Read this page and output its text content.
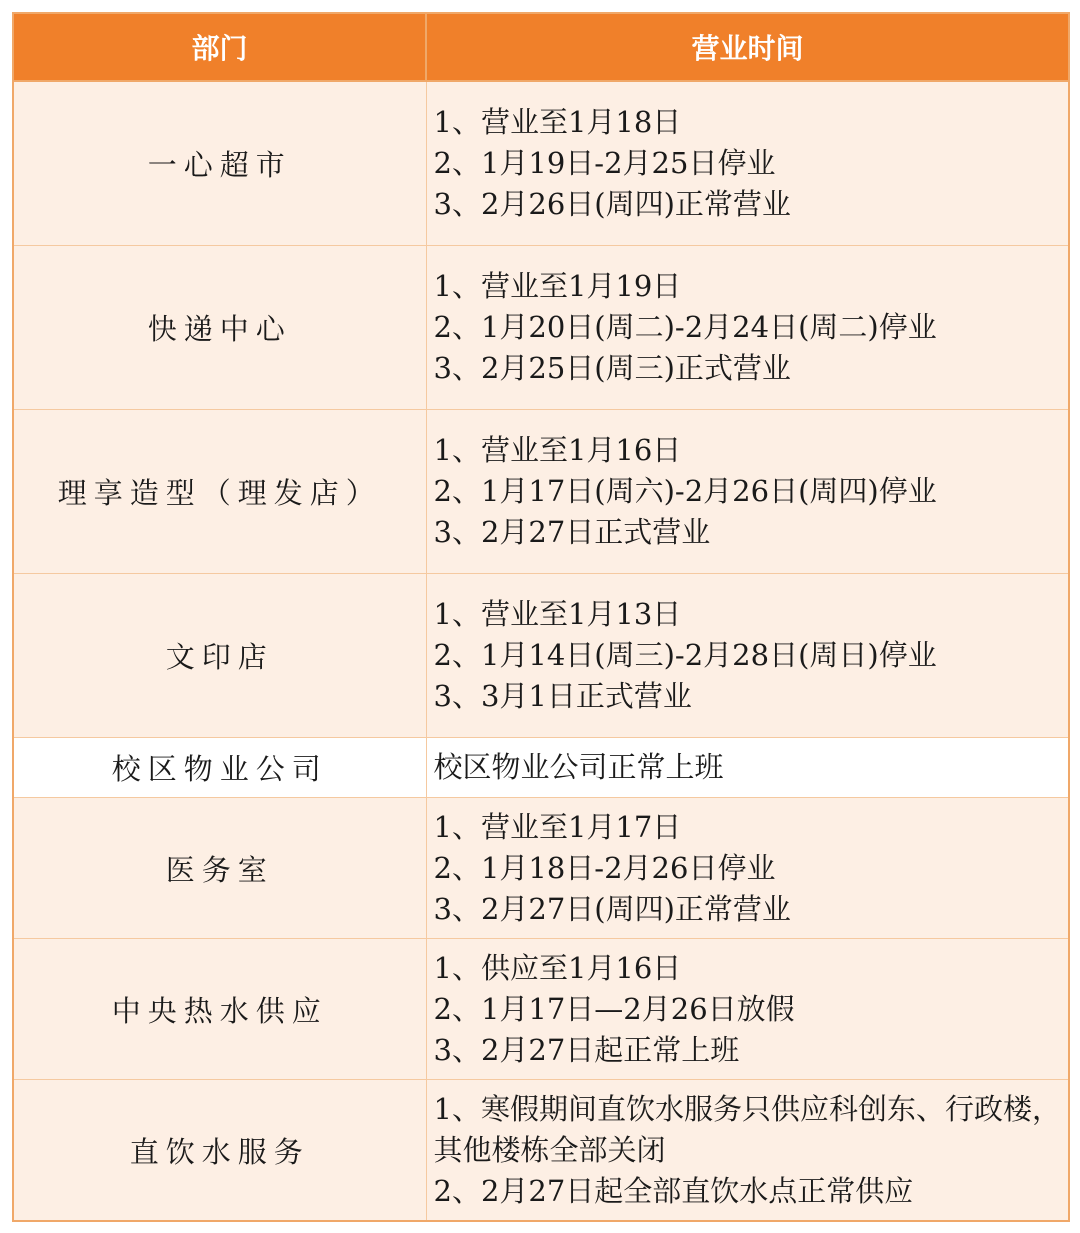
部门	营业时间
一心超市	1、营业至1月18日
2、1月19日-2月25日停业
3、2月26日(周四)正常营业

快递中心	1、营业至1月19日
2、1月20日(周二)-2月24日(周二)停业
3、2月25日(周三)正式营业

理享造型（理发店）	1、营业至1月16日
2、1月17日(周六)-2月26日(周四)停业
3、2月27日正式营业

文印店	1、营业至1月13日
2、1月14日(周三)-2月28日(周日)停业
3、3月1日正式营业

校区物业公司	校区物业公司正常上班

医务室	1、营业至1月17日
2、1月18日-2月26日停业
3、2月27日(周四)正常营业

中央热水供应	1、供应至1月16日
2、1月17日—2月26日放假
3、2月27日起正常上班

直饮水服务	1、寒假期间直饮水服务只供应科创东、行政楼，其他楼栋全部关闭
2、2月27日起全部直饮水点正常供应
